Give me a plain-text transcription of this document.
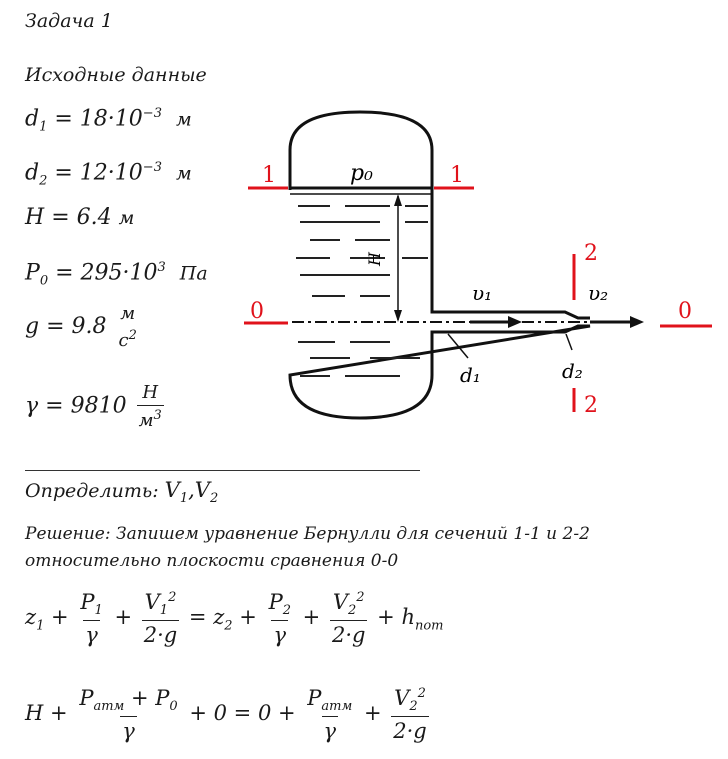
Задача 1
Исходные данные
$d_1 = 18\cdot 10^{-3}$ м
$d_2 = 12\cdot 10^{-3}$ м
H = 6.4 м
$P_0 = 295\cdot 10^3$ Па
g = 9.8
м
$c^2$
$\gamma = 9810 \frac{Н}{м^3}$
Определить: $V_1,V_2$
Решение: Запишем уравнение Бернулли для сечений 1-1 и 2-2
относительно плоскости сравнения 0-0
$z_1 + \frac{P_1}{\gamma} + \frac{V_1^2}{2\cdot g} = z_2 + \frac{P_2}{\gamma} + \frac{V_2^2}{2\cdot g} + h_{пот}$
$H + \frac{P_{атм} + P_0}{\gamma} + 0 = 0 + \frac{P_{атм}}{\gamma} + \frac{V_2^2}{2\cdot g}$
H
p₀
υ₁	υ₂
d₁	d₂
1	1
0	0
2
2
